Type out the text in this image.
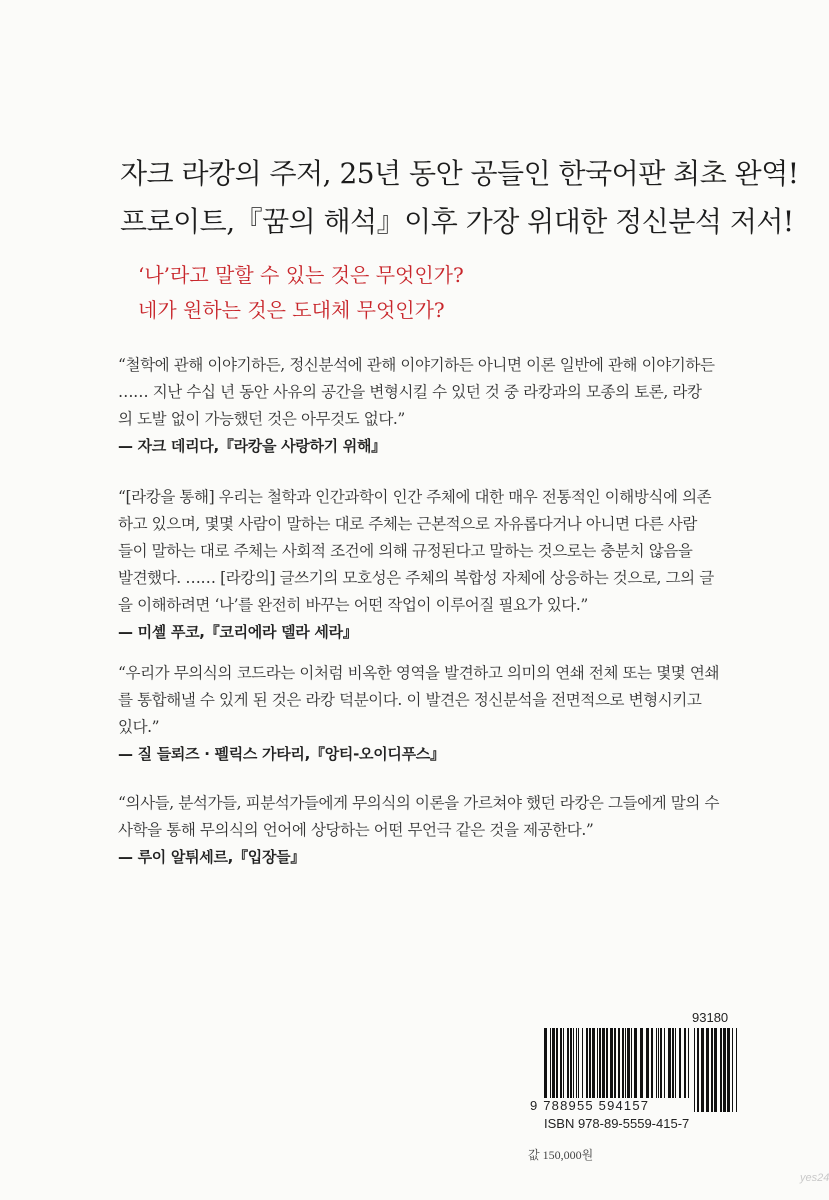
자크 라캉의 주저, 25년 동안 공들인 한국어판 최초 완역!
프로이트,『꿈의 해석』이후 가장 위대한 정신분석 저서!
‘나’라고 말할 수 있는 것은 무엇인가?
네가 원하는 것은 도대체 무엇인가?

“철학에 관해 이야기하든, 정신분석에 관해 이야기하든 아니면 이론 일반에 관해 이야기하든

…… 지난 수십 년 동안 사유의 공간을 변형시킬 수 있던 것 중 라캉과의 모종의 토론, 라캉

의 도발 없이 가능했던 것은 아무것도 없다.”

— 자크 데리다,『라캉을 사랑하기 위해』

“[라캉을 통해] 우리는 철학과 인간과학이 인간 주체에 대한 매우 전통적인 이해방식에 의존

하고 있으며, 몇몇 사람이 말하는 대로 주체는 근본적으로 자유롭다거나 아니면 다른 사람

들이 말하는 대로 주체는 사회적 조건에 의해 규정된다고 말하는 것으로는 충분치 않음을

발견했다. …… [라캉의] 글쓰기의 모호성은 주체의 복합성 자체에 상응하는 것으로, 그의 글

을 이해하려면 ‘나’를 완전히 바꾸는 어떤 작업이 이루어질 필요가 있다.”

— 미셸 푸코,『코리에라 델라 세라』

“우리가 무의식의 코드라는 이처럼 비옥한 영역을 발견하고 의미의 연쇄 전체 또는 몇몇 연쇄

를 통합해낼 수 있게 된 것은 라캉 덕분이다. 이 발견은 정신분석을 전면적으로 변형시키고

있다.”

— 질 들뢰즈 · 펠릭스 가타리,『앙티-오이디푸스』

“의사들, 분석가들, 피분석가들에게 무의식의 이론을 가르쳐야 했던 라캉은 그들에게 말의 수

사학을 통해 무의식의 언어에 상당하는 어떤 무언극 같은 것을 제공한다.”

— 루이 알튀세르,『입장들』

93180
9 788955 594157
ISBN 978-89-5559-415-7
값 150,000원
yes24
